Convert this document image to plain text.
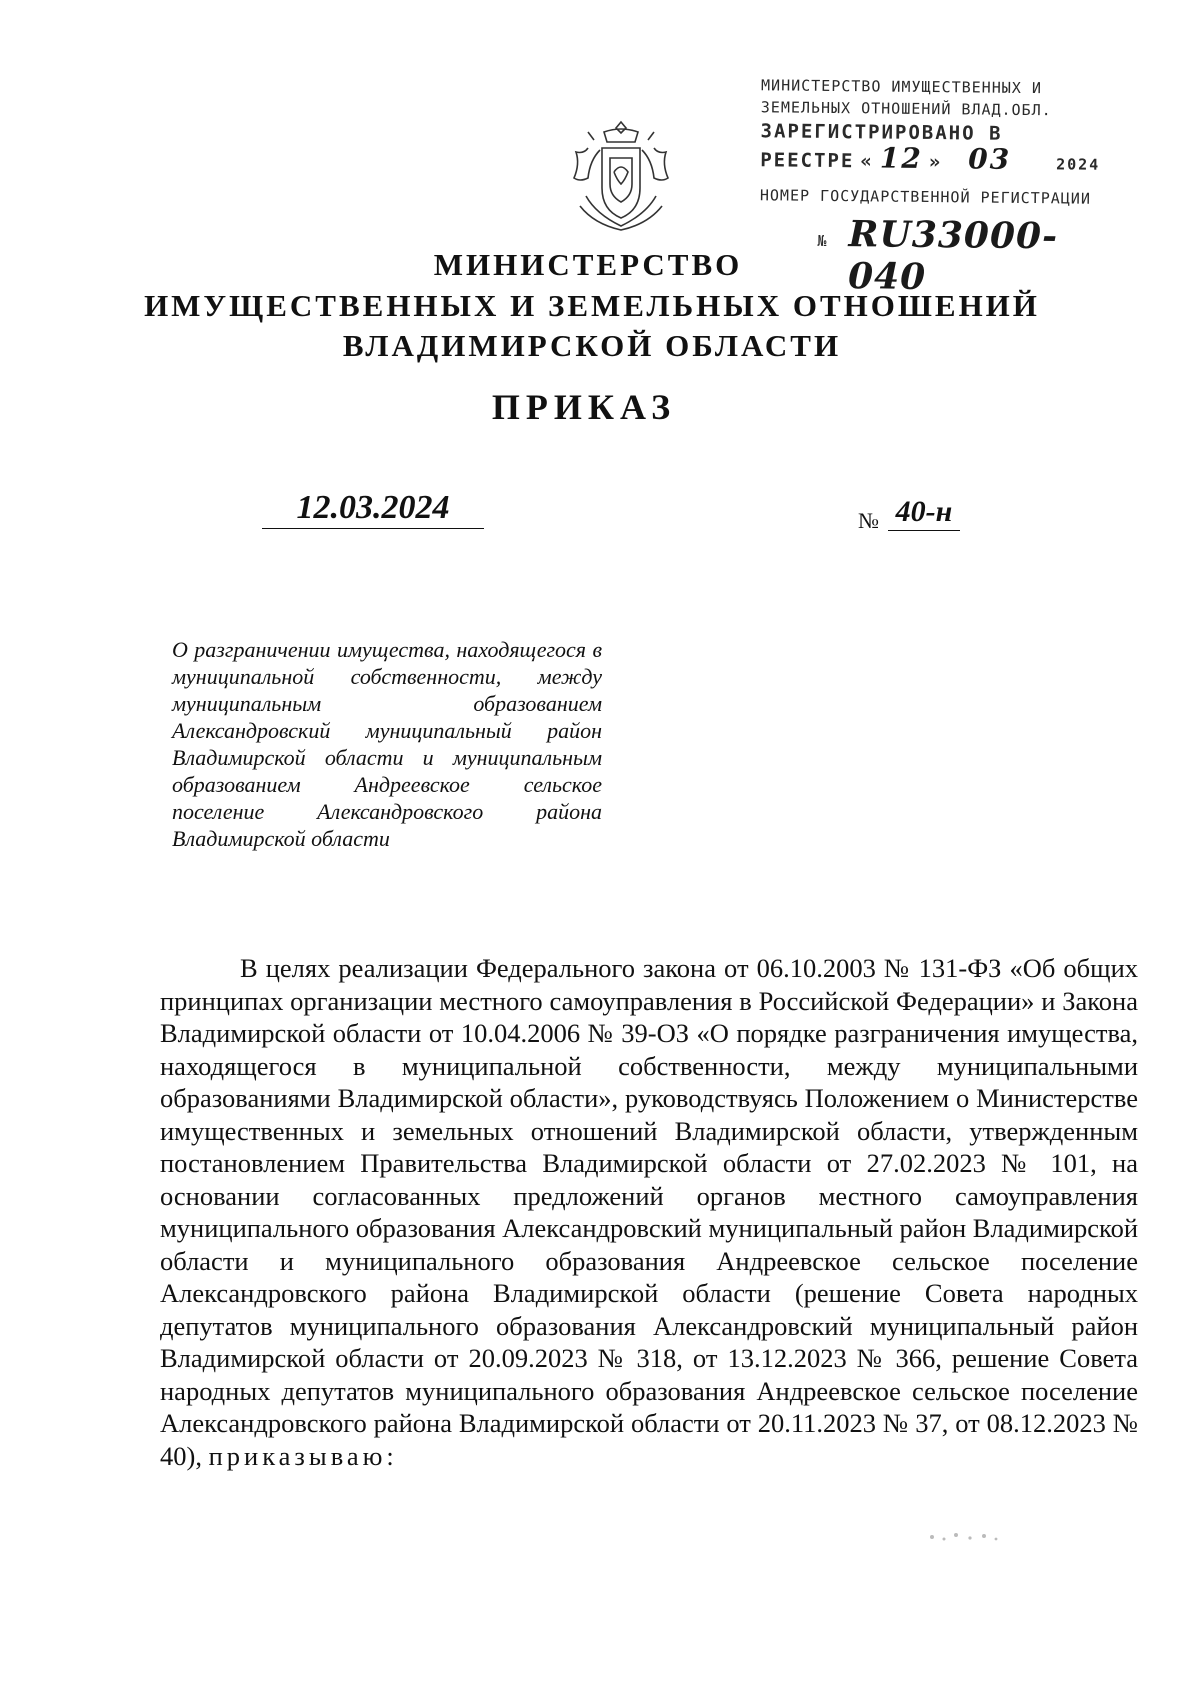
МИНИСТЕРСТВО ИМУЩЕСТВЕННЫХ И
ЗЕМЕЛЬНЫХ ОТНОШЕНИЙ ВЛАД.ОБЛ.
ЗАРЕГИСТРИРОВАНО В
РЕЕСТРЕ « 12 » 03	2024
НОМЕР ГОСУДАРСТВЕННОЙ РЕГИСТРАЦИИ
№ RU33000-040
МИНИСТЕРСТВО
ИМУЩЕСТВЕННЫХ И ЗЕМЕЛЬНЫХ ОТНОШЕНИЙ
ВЛАДИМИРСКОЙ ОБЛАСТИ
ПРИКАЗ
12.03.2024	№ 40-н
О разграничении имущества, находящегося в муниципальной собственности, между муниципальным образованием Александровский муниципальный район Владимирской области и муниципальным образованием Андреевское сельское поселение Александровского района Владимирской области
В целях реализации Федерального закона от 06.10.2003 № 131-ФЗ «Об общих принципах организации местного самоуправления в Российской Федерации» и Закона Владимирской области от 10.04.2006 № 39-ОЗ «О порядке разграничения имущества, находящегося в муниципальной собственности, между муниципальными образованиями Владимирской области», руководствуясь Положением о Министерстве имущественных и земельных отношений Владимирской области, утвержденным постановлением Правительства Владимирской области от 27.02.2023 № 101, на основании согласованных предложений органов местного самоуправления муниципального образования Александровский муниципальный район Владимирской области и муниципального образования Андреевское сельское поселение Александровского района Владимирской области (решение Совета народных депутатов муниципального образования Александровский муниципальный район Владимирской области от 20.09.2023 № 318, от 13.12.2023 № 366, решение Совета народных депутатов муниципального образования Андреевское сельское поселение Александровского района Владимирской области от 20.11.2023 № 37, от 08.12.2023 № 40), приказываю:
